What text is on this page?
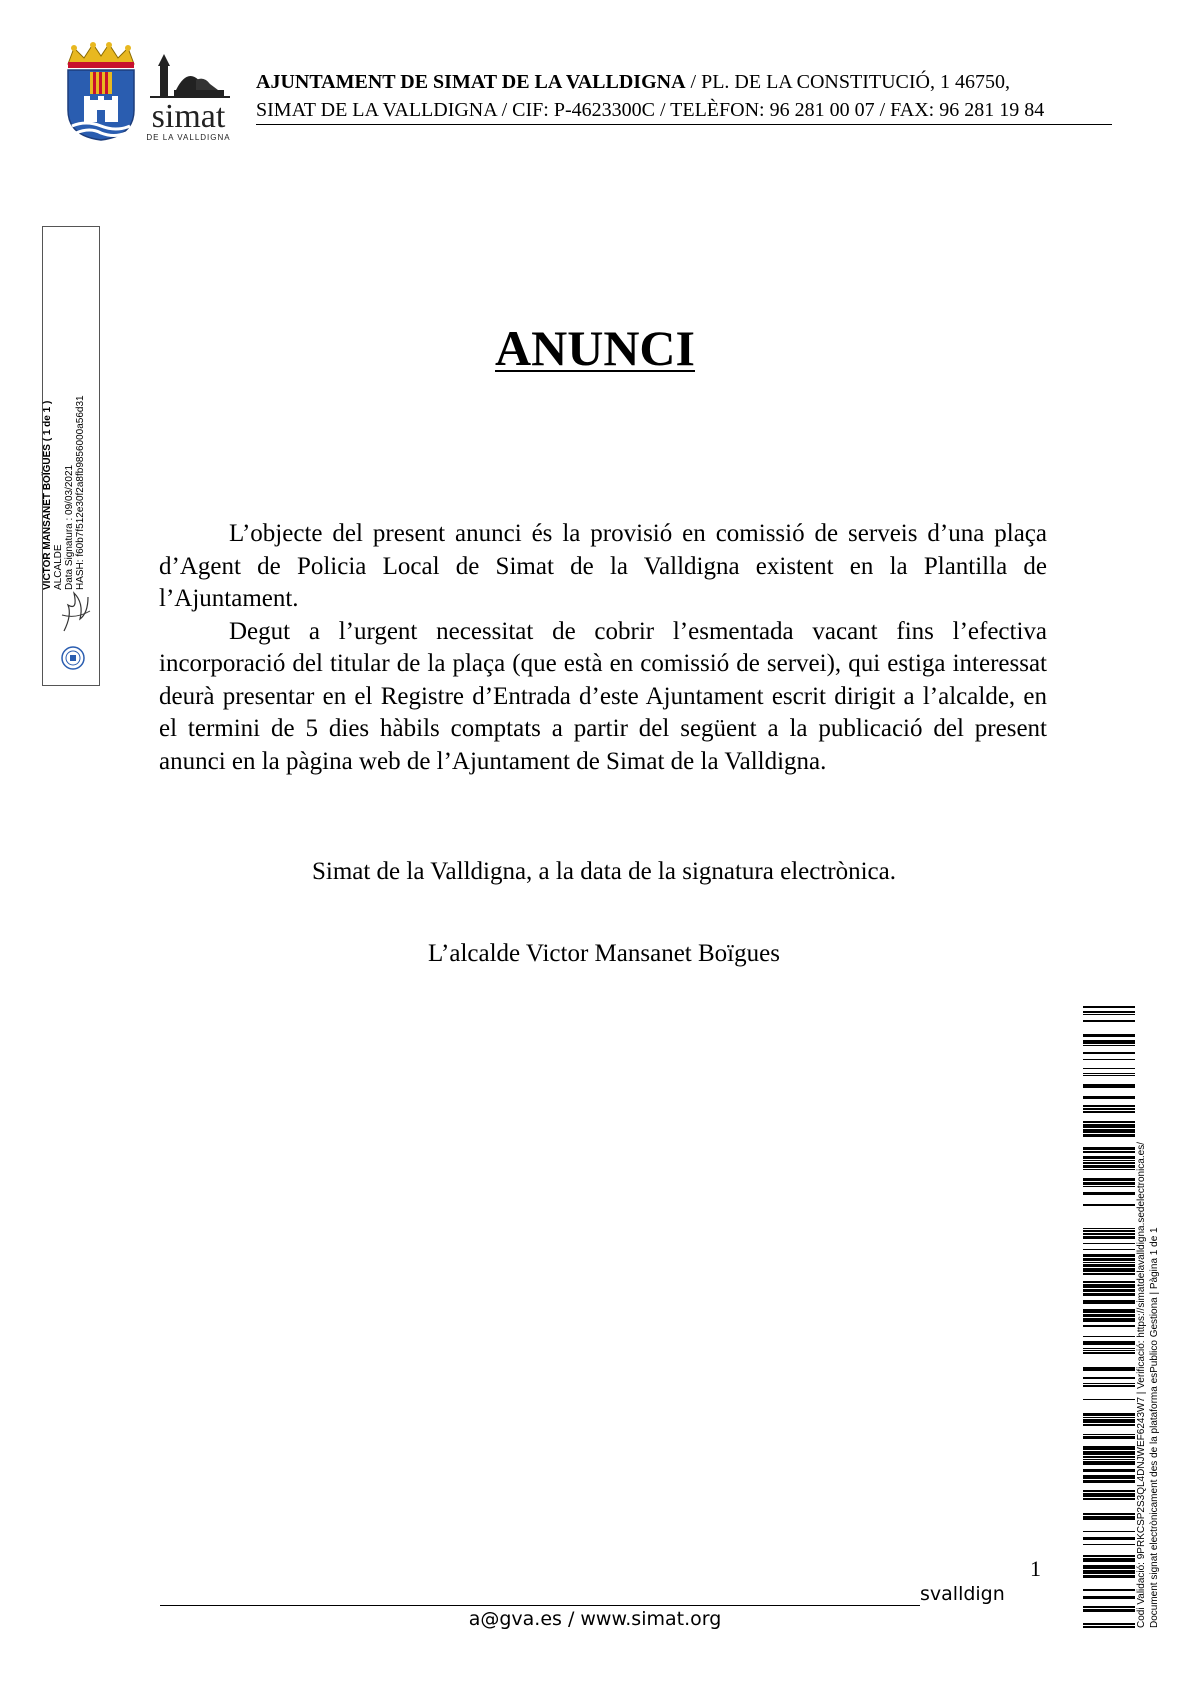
simat
DE LA VALLDIGNA
AJUNTAMENT DE SIMAT DE LA VALLDIGNA / PL. DE LA CONSTITUCIÓ, 1 46750,
SIMAT DE LA VALLDIGNA / CIF: P-4623300C / TELÈFON: 96 281 00 07 / FAX: 96 281 19 84
VICTOR MANSANET BOÏGUES ( 1 de 1 ) ALCALDE Data Signatura : 09/03/2021 HASH: f60b7f512e30f2a8fb9856000a56d31
ANUNCI

L’objecte del present anunci és la provisió en comissió de serveis d’una plaça d’Agent de Policia Local de Simat de la Valldigna existent en la Plantilla de l’Ajuntament.

Degut a l’urgent necessitat de cobrir l’esmentada vacant fins l’efectiva incorporació del titular de la plaça (que està en comissió de servei), qui estiga interessat deurà presentar en el Registre d’Entrada d’este Ajuntament escrit dirigit a l’alcalde, en el termini de 5 dies hàbils comptats a partir del següent a la publicació del present anunci en la pàgina web de l’Ajuntament de Simat de la Valldigna.

Simat de la Valldigna, a la data de la signatura electrònica.
L’alcalde Victor Mansanet Boïgues
Codi Validació: 9PRKCSP2S3QL4DNJWEF6243W7 | Verificació: https://simatdelavalldigna.sedelectronica.es/ Document signat electrònicament des de la plataforma esPublico Gestiona | Pàgina 1 de 1
1
svalldign
a@gva.es / www.simat.org
